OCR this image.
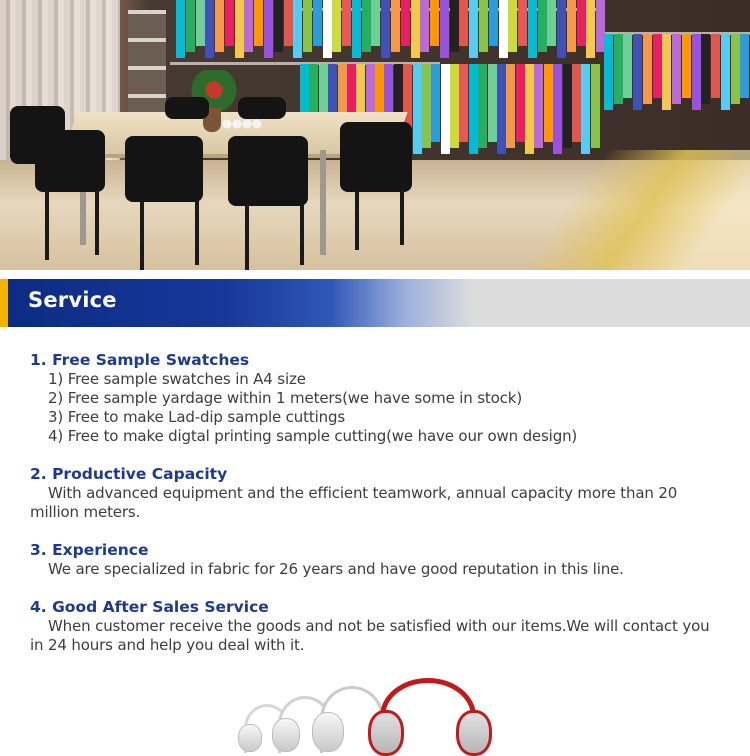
Service
1. Free Sample Swatches
1) Free sample swatches in A4 size
2) Free sample yardage within 1 meters(we have some in stock)
3) Free to make Lad-dip sample cuttings
4) Free to make digtal printing sample cutting(we have our own design)
2. Productive Capacity
With advanced equipment and the efficient teamwork, annual capacity more than 20 million meters.
3. Experience
We are specialized in fabric for 26 years and have good reputation in this line.
4. Good After Sales Service
When customer receive the goods and not be satisfied with our items.We will contact you in 24 hours and help you deal with it.
